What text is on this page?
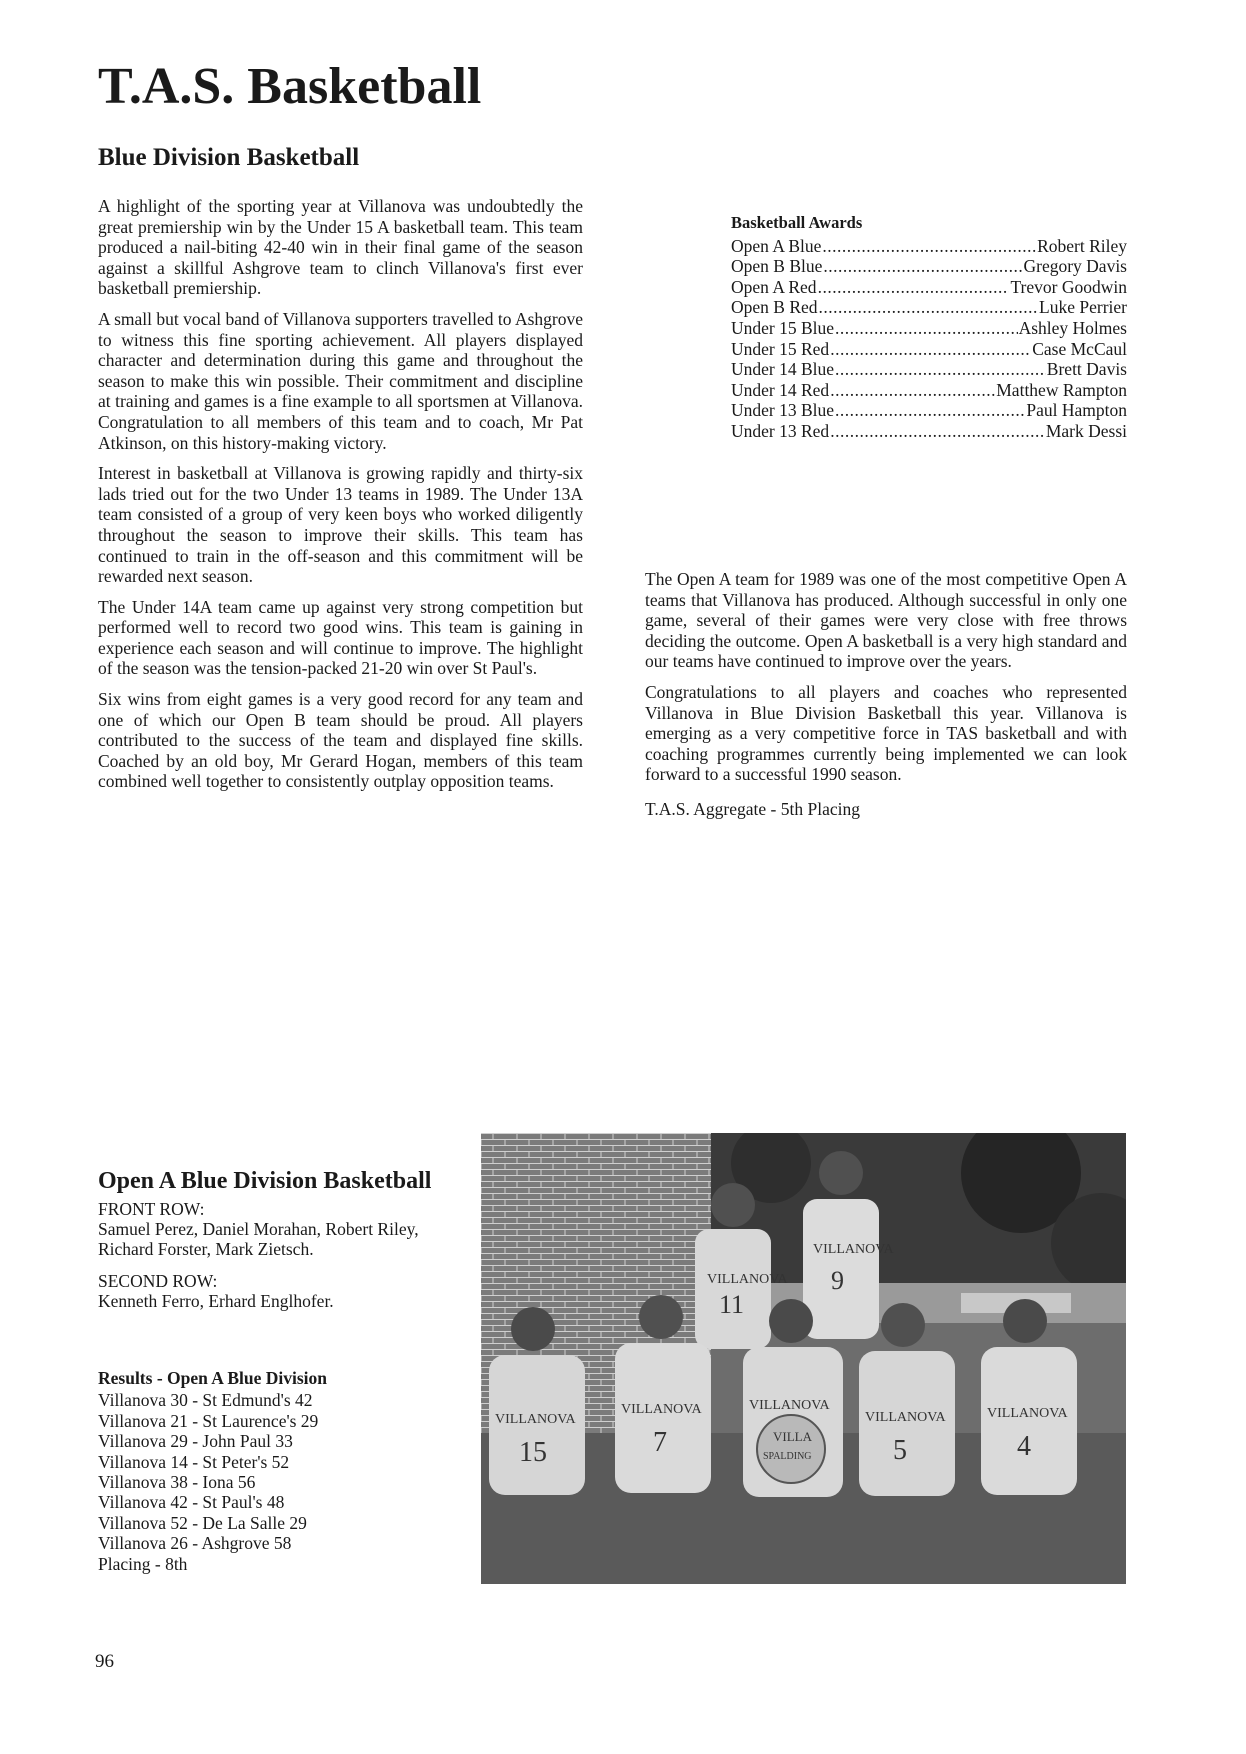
T.A.S. Basketball
Blue Division Basketball

A highlight of the sporting year at Villanova was undoubtedly the great premiership win by the Under 15 A basketball team. This team produced a nail-biting 42-40 win in their final game of the season against a skillful Ashgrove team to clinch Villanova's first ever basketball premiership.

A small but vocal band of Villanova supporters travelled to Ashgrove to witness this fine sporting achievement. All players displayed character and determination during this game and throughout the season to make this win possible. Their commitment and discipline at training and games is a fine example to all sportsmen at Villanova. Congratulation to all members of this team and to coach, Mr Pat Atkinson, on this history-making victory.

Interest in basketball at Villanova is growing rapidly and thirty-six lads tried out for the two Under 13 teams in 1989. The Under 13A team consisted of a group of very keen boys who worked diligently throughout the season to improve their skills. This team has continued to train in the off-season and this commitment will be rewarded next season.

The Under 14A team came up against very strong competition but performed well to record two good wins. This team is gaining in experience each season and will continue to improve. The highlight of the season was the tension-packed 21-20 win over St Paul's.

Six wins from eight games is a very good record for any team and one of which our Open B team should be proud. All players contributed to the success of the team and displayed fine skills. Coached by an old boy, Mr Gerard Hogan, members of this team combined well together to consistently outplay opposition teams.

Basketball Awards
Open A Blue .....	Robert Riley
Open B Blue .....	Gregory Davis
Open A Red .....	Trevor Goodwin
Open B Red .....	Luke Perrier
Under 15 Blue .....	Ashley Holmes
Under 15 Red .....	Case McCaul
Under 14 Blue .....	Brett Davis
Under 14 Red .....	Matthew Rampton
Under 13 Blue .....	Paul Hampton
Under 13 Red .....	Mark Dessi

The Open A team for 1989 was one of the most competitive Open A teams that Villanova has produced. Although successful in only one game, several of their games were very close with free throws deciding the outcome. Open A basketball is a very high standard and our teams have continued to improve over the years.

Congratulations to all players and coaches who represented Villanova in Blue Division Basketball this year. Villanova is emerging as a very competitive force in TAS basketball and with coaching programmes currently being implemented we can look forward to a successful 1990 season.

T.A.S. Aggregate - 5th Placing

Open A Blue Division Basketball

FRONT ROW:

Samuel Perez, Daniel Morahan, Robert Riley, Richard Forster, Mark Zietsch.

SECOND ROW:

Kenneth Ferro, Erhard Englhofer.

Results - Open A Blue Division

Villanova 30 - St Edmund's 42

Villanova 21 - St Laurence's 29

Villanova 29 - John Paul 33

Villanova 14 - St Peter's 52

Villanova 38 - Iona 56

Villanova 42 - St Paul's 48

Villanova 52 - De La Salle 29

Villanova 26 - Ashgrove 58

Placing - 8th

VILLANOVA
11
VILLANOVA
9
VILLANOVA
15
VILLANOVA
7
VILLANOVA
VILLA
SPALDING
VILLANOVA
5
VILLANOVA
4
96
